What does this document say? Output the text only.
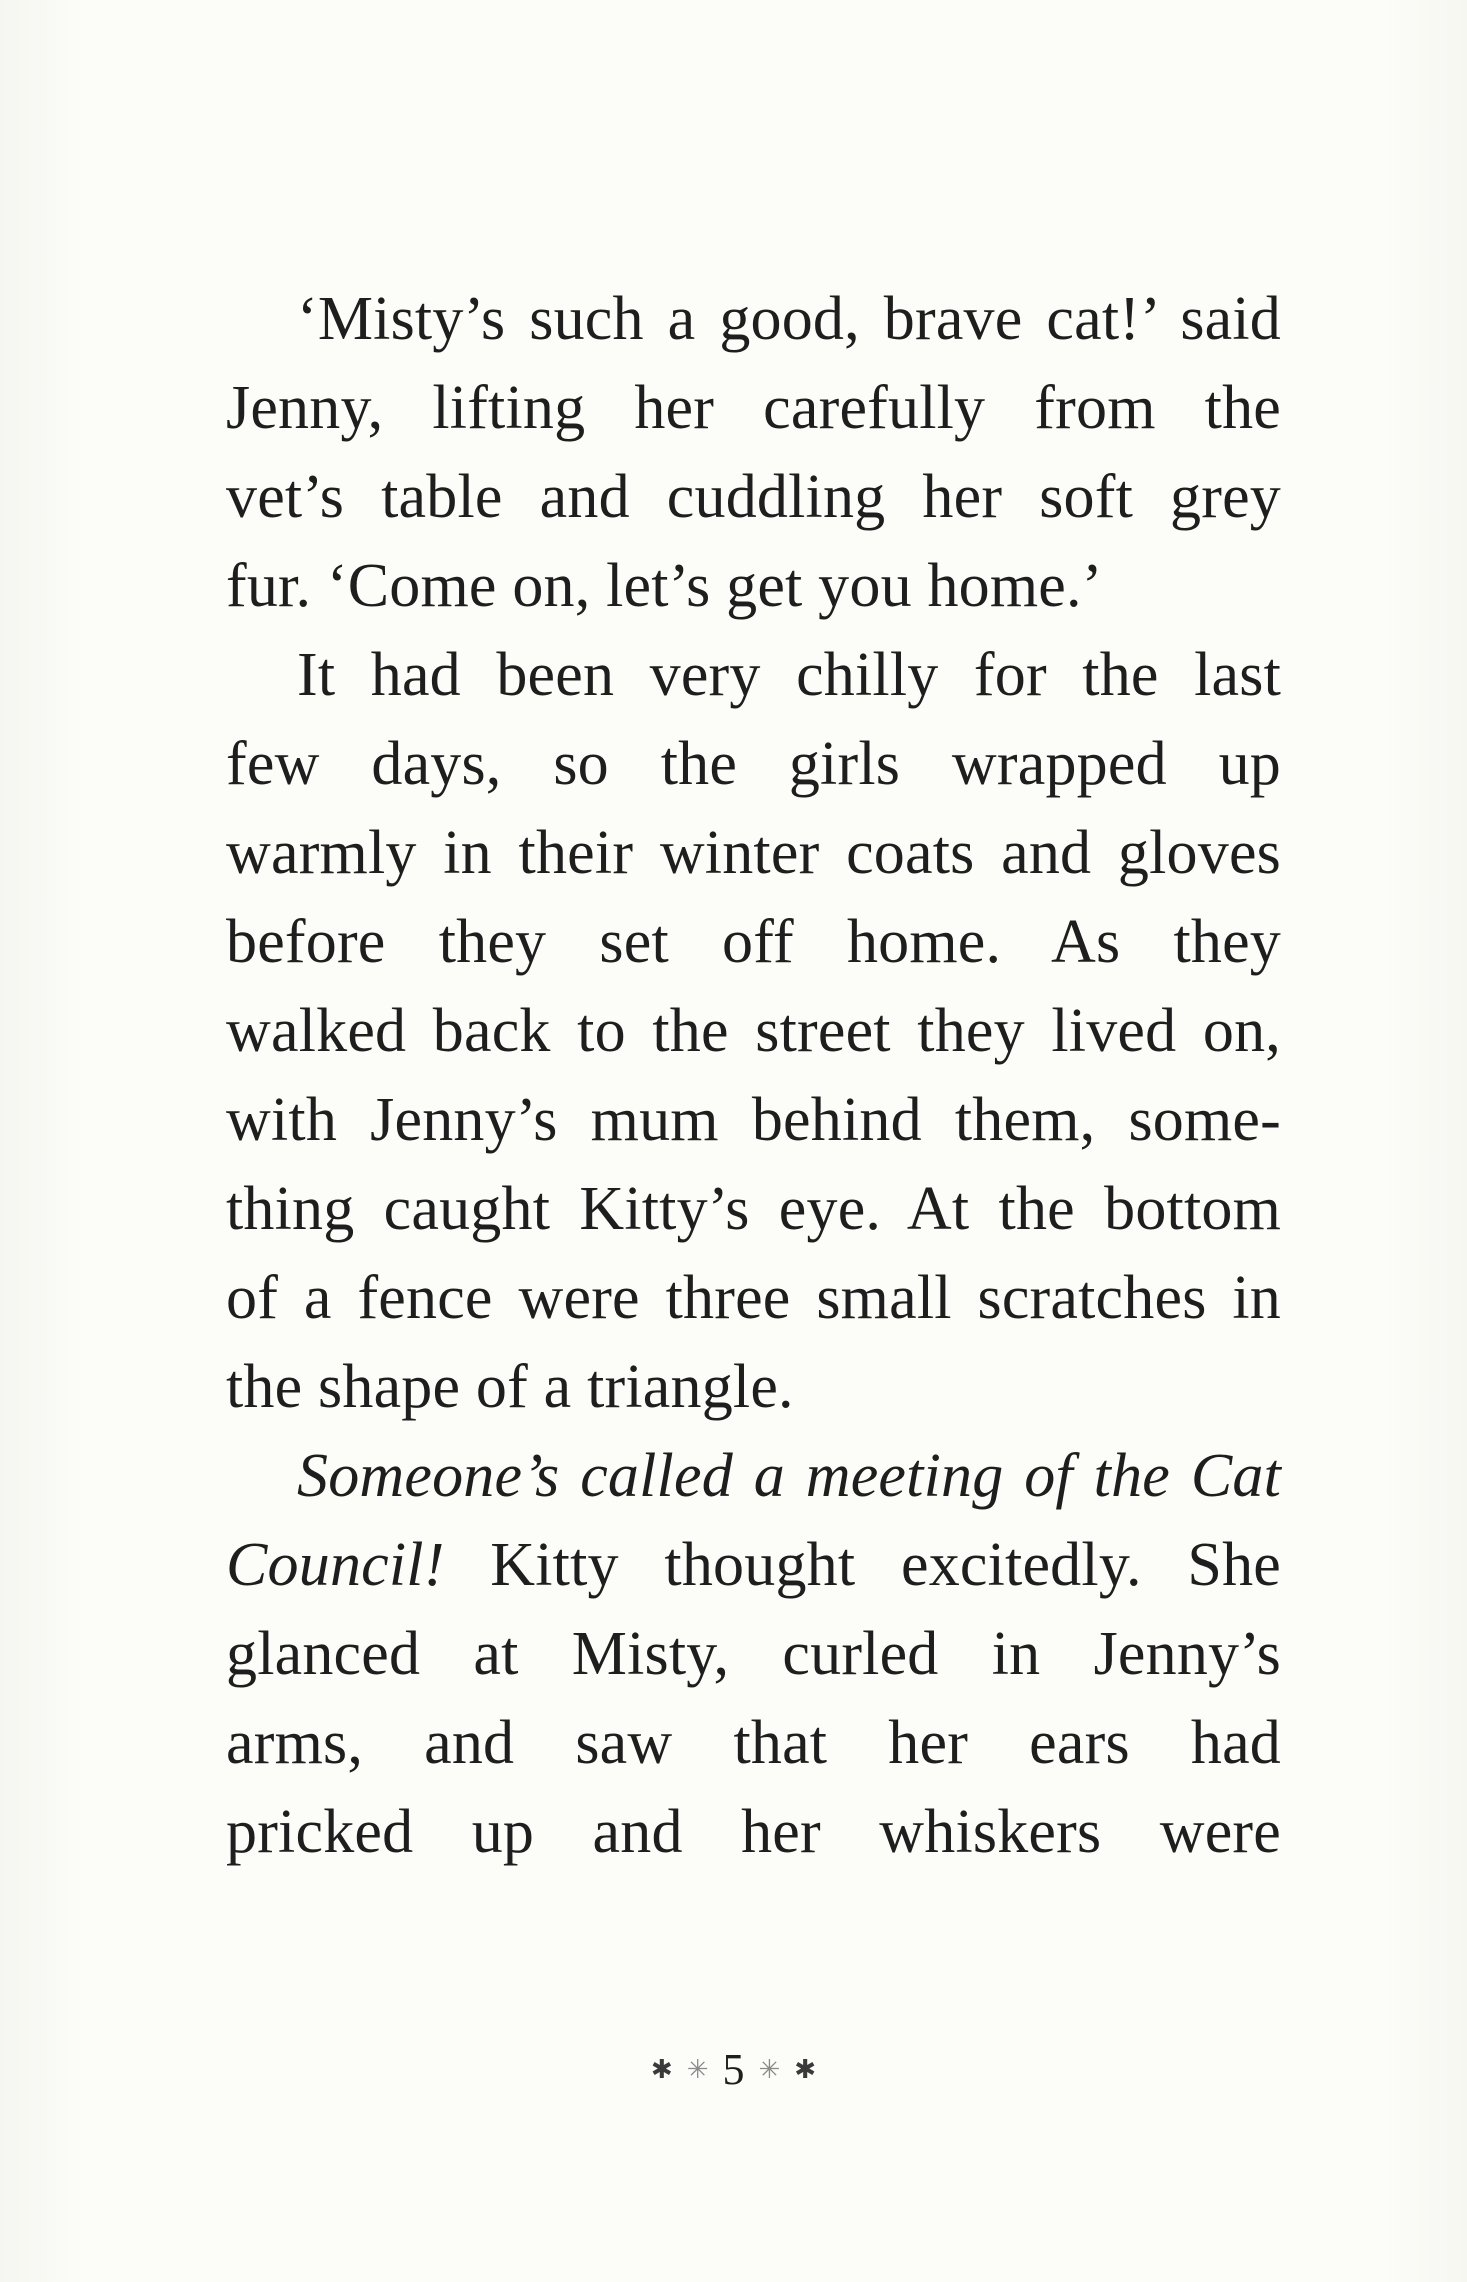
‘Misty’s such a good, brave cat!’ said
Jenny, lifting her carefully from the
vet’s table and cuddling her soft grey
fur. ‘Come on, let’s get you home.’
It had been very chilly for the last
few days, so the girls wrapped up
warmly in their winter coats and gloves
before they set off home. As they
walked back to the street they lived on,
with Jenny’s mum behind them, some-
thing caught Kitty’s eye. At the bottom
of a fence were three small scratches in
the shape of a triangle.
Someone’s called a meeting of the Cat
Council! Kitty thought excitedly. She
glanced at Misty, curled in Jenny’s
arms, and saw that her ears had
pricked up and her whiskers were
✱ ✳ 5 ✳ ✱
